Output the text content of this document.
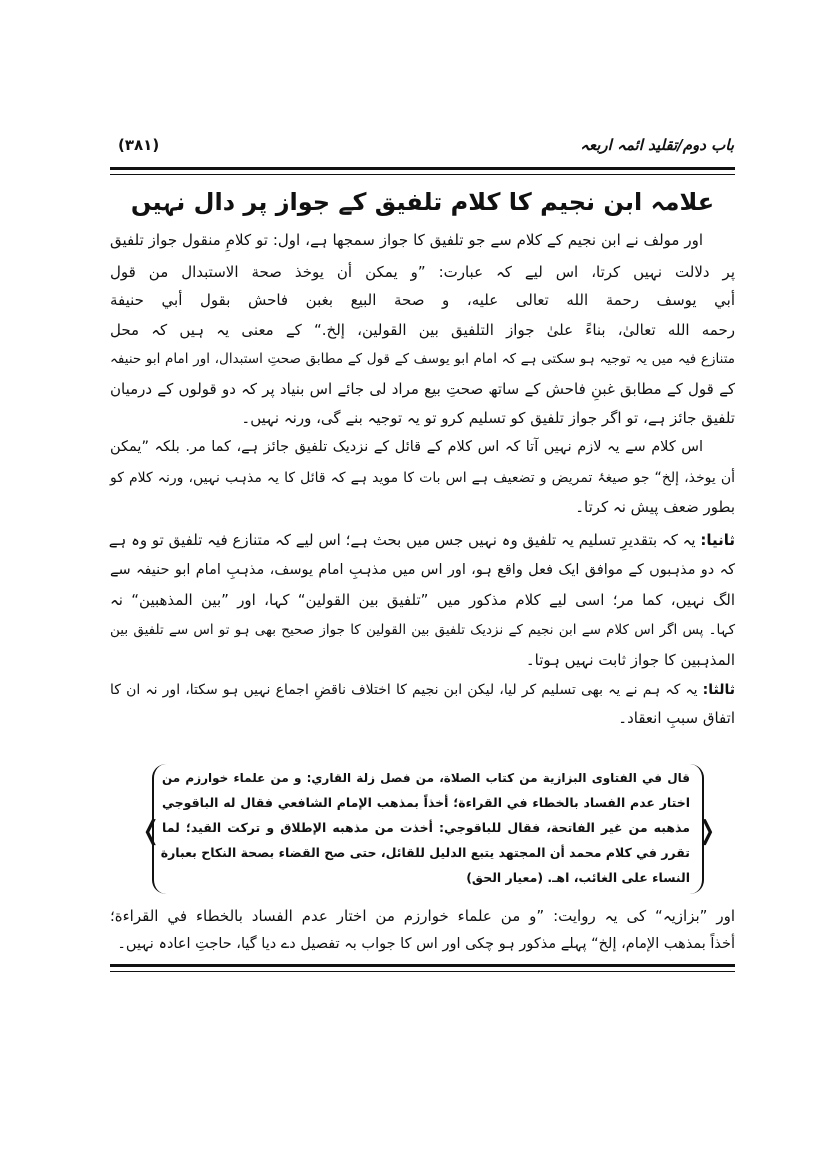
(۳۸۱)	باب دوم/تقلید ائمہ اربعہ
علامہ ابن نجیم کا کلام تلفیق کے جواز پر دال نہیں
اور مولف نے ابن نجیم کے کلام سے جو تلفیق کا جواز سمجھا ہے، اول: تو کلامِ منقول جواز تلفیق
پر دلالت نہیں کرتا، اس لیے کہ عبارت: ”و یمکن أن یوخذ صحة الاستبدال من قول
أبي يوسف رحمة الله تعالى عليه، و صحة البيع بغبن فاحش بقول أبي حنيفة
رحمه الله تعالىٰ، بناءً علىٰ جواز التلفيق بين القولين، إلخ.“ کے معنی یہ ہیں کہ محل
متنازع فیہ میں یہ توجیہ ہو سکتی ہے کہ امام ابو یوسف کے قول کے مطابق صحتِ استبدال، اور امام ابو حنیفہ
کے قول کے مطابق غبنِ فاحش کے ساتھ صحتِ بیع مراد لی جائے اس بنیاد پر کہ دو قولوں کے درمیان
تلفیق جائز ہے، تو اگر جواز تلفیق کو تسلیم کرو تو یہ توجیہ بنے گی، ورنہ نہیں۔
اس کلام سے یہ لازم نہیں آتا کہ اس کلام کے قائل کے نزدیک تلفیق جائز ہے، کما مر. بلکہ ”یمکن
أن یوخذ، إلخ“ جو صیغۂ تمریض و تضعیف ہے اس بات کا موید ہے کہ قائل کا یہ مذہب نہیں، ورنہ کلام کو
بطور ضعف پیش نہ کرتا۔
ثانیا: یہ کہ بتقدیرِ تسلیم یہ تلفیق وہ نہیں جس میں بحث ہے؛ اس لیے کہ متنازع فیہ تلفیق تو وہ ہے
کہ دو مذہبوں کے موافق ایک فعل واقع ہو، اور اس میں مذہبِ امام یوسف، مذہبِ امام ابو حنیفہ سے
الگ نہیں، کما مر؛ اسی لیے کلام مذکور میں ”تلفیق بین القولین“ کہا، اور ”بین المذهبین“ نہ
کہا۔ پس اگر اس کلام سے ابن نجیم کے نزدیک تلفیق بین القولین کا جواز صحیح بھی ہو تو اس سے تلفیق بین
المذہبین کا جواز ثابت نہیں ہوتا۔
ثالثا: یہ کہ ہم نے یہ بھی تسلیم کر لیا، لیکن ابن نجیم کا اختلاف ناقضِ اجماع نہیں ہو سکتا، اور نہ ان کا
اتفاق سببِ انعقاد۔
❬	❭
قال في الفتاوى البزازية من كتاب الصلاة، من فصل زلة القاري: و من علماء خوارزم من
اختار عدم الفساد بالخطاء في القراءة؛ أخذاً بمذهب الإمام الشافعي فقال له الباقوجي
مذهبه من غير الفاتحة، فقال للباقوجي: أخذت من مذهبه الإطلاق و تركت القيد؛ لما
تقرر في كلام محمد أن المجتهد يتبع الدليل للقائل، حتى صح القضاء بصحة النكاح بعبارة
النساء على الغائب، اهـ. (معیار الحق)
اور ”بزازیہ“ کی یہ روایت: ”و من علماء خوارزم من اختار عدم الفساد بالخطاء في القراءة؛
أخذاً بمذهب الإمام، إلخ“ پہلے مذکور ہو چکی اور اس کا جواب بہ تفصیل دے دیا گیا، حاجتِ اعادہ نہیں۔
